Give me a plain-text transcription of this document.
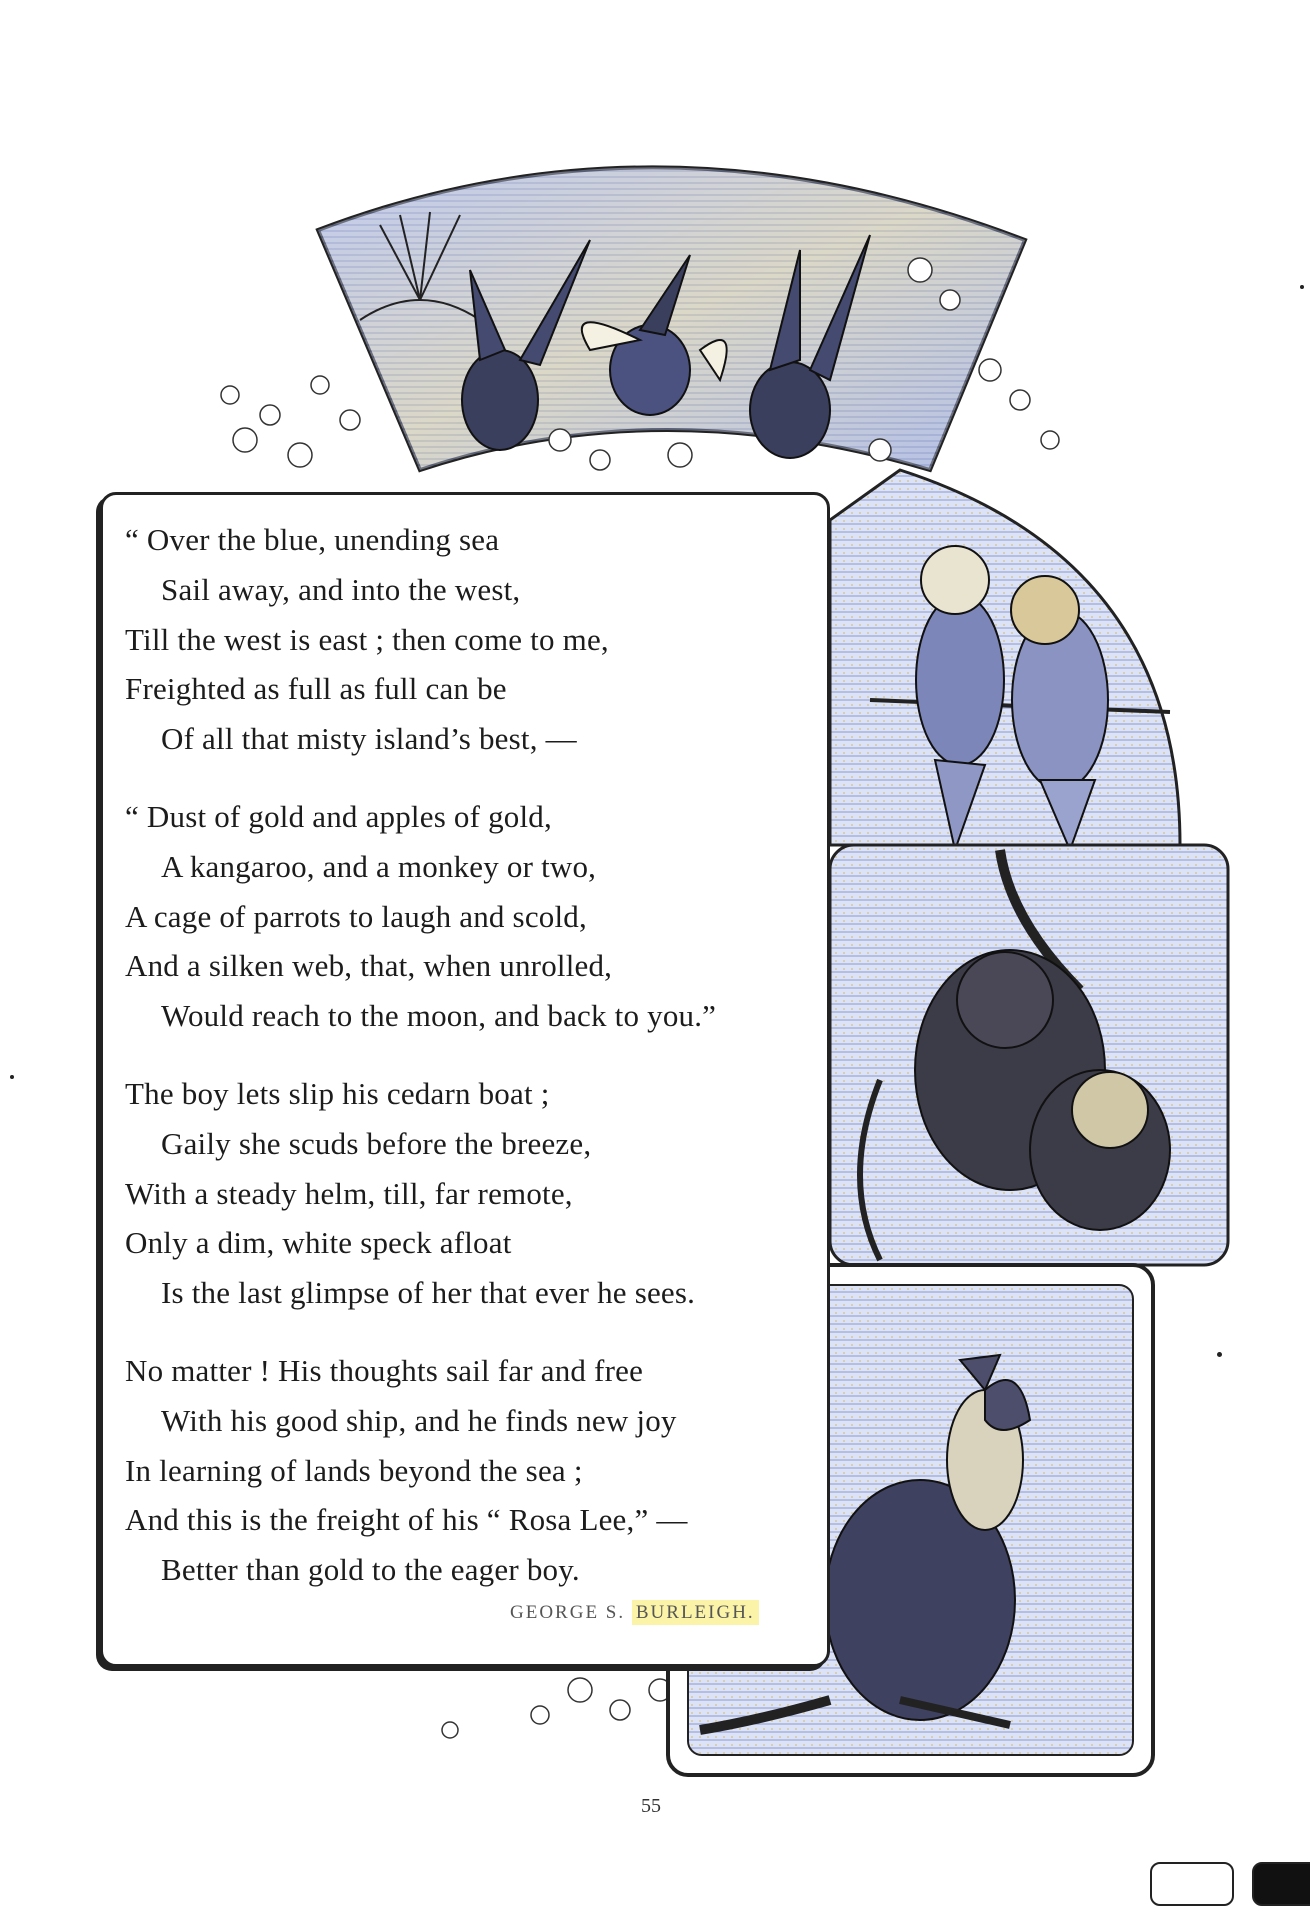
“ Over the blue, unending sea
Sail away, and into the west,
Till the west is east ; then come to me,
Freighted as full as full can be
Of all that misty island’s best, —
“ Dust of gold and apples of gold,
A kangaroo, and a monkey or two,
A cage of parrots to laugh and scold,
And a silken web, that, when unrolled,
Would reach to the moon, and back to you.”
The boy lets slip his cedarn boat ;
Gaily she scuds before the breeze,
With a steady helm, till, far remote,
Only a dim, white speck afloat
Is the last glimpse of her that ever he sees.
No matter ! His thoughts sail far and free
With his good ship, and he finds new joy
In learning of lands beyond the sea ;
And this is the freight of his “ Rosa Lee,” —
Better than gold to the eager boy.
GEORGE S. BURLEIGH.
55
